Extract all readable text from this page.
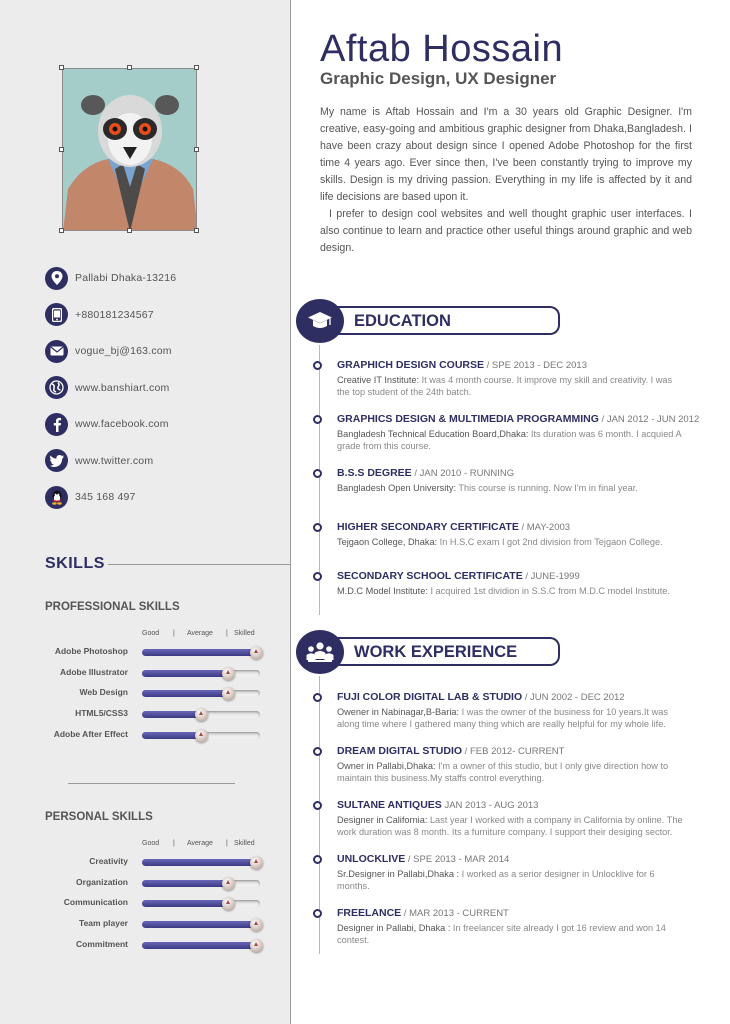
Pallabi Dhaka-13216
+880181234567
vogue_bj@163.com
www.banshiart.com
www.facebook.com
www.twitter.com
345 168 497
SKILLS
PROFESSIONAL SKILLS
Good	|	Average	| Skilled
Adobe Photoshop
Adobe Illustrator
Web Design
HTML5/CSS3
Adobe After Effect
PERSONAL SKILLS
Good	|	Average	| Skilled
Creativity
Organization
Communication
Team player
Commitment
Aftab Hossain
Graphic Design, UX Designer

My name is Aftab Hossain and I'm a 30 years old Graphic Designer. I'm creative, easy-going and ambitious graphic designer from Dhaka,Bangladesh. I have been crazy about design since I opened Adobe Photoshop for the first time 4 years ago. Ever since then, I've been constantly trying to improve my skills. Design is my driving passion. Everything in my life is affected by it and life decisions are based upon it.

I prefer to design cool websites and well thought graphic user interfaces. I also continue to learn and practice other useful things around graphic and web design.

EDUCATION
GRAPHICH DESIGN COURSE / SPE 2013 - DEC 2013
Creative IT Institute: It was 4 month course. It improve my skill and creativity. I was the top student of the 24th batch.
GRAPHICS DESIGN & MULTIMEDIA PROGRAMMING / JAN 2012 - JUN 2012
Bangladesh Technical Education Board,Dhaka: Its duration was 6 month. I acquied A grade from this course.
B.S.S DEGREE / JAN 2010 - RUNNING
Bangladesh Open University: This course is running. Now I'm in final year.
HIGHER SECONDARY CERTIFICATE / MAY-2003
Tejgaon College, Dhaka: In H.S.C exam I got 2nd division from Tejgaon College.
SECONDARY SCHOOL CERTIFICATE / JUNE-1999
M.D.C Model Institute: I acquired 1st dividion in S.S.C from M.D.C model Institute.
WORK EXPERIENCE
FUJI COLOR DIGITAL LAB & STUDIO / JUN 2002 - DEC 2012
Owener in Nabinagar,B-Baria: I was the owner of the business for 10 years.It was along time where I gathered many thing which are really helpful for my whole life.
DREAM DIGITAL STUDIO / FEB 2012- CURRENT
Owner in Pallabi,Dhaka: I'm a owner of this studio, but I only give direction how to maintain this business.My staffs control everything.
SULTANE ANTIQUES JAN 2013 - AUG 2013
Designer in California: Last year I worked with a company in California by online. The work duration was 8 month. Its a furniture company. I support their desiging sector.
UNLOCKLIVE / SPE 2013 - MAR 2014
Sr.Designer in Pallabi,Dhaka : I worked as a serior designer in Unlocklive for 6 months.
FREELANCE / MAR 2013 - CURRENT
Designer in Pallabi, Dhaka : In freelancer site already I got 16 review and won 14 contest.
